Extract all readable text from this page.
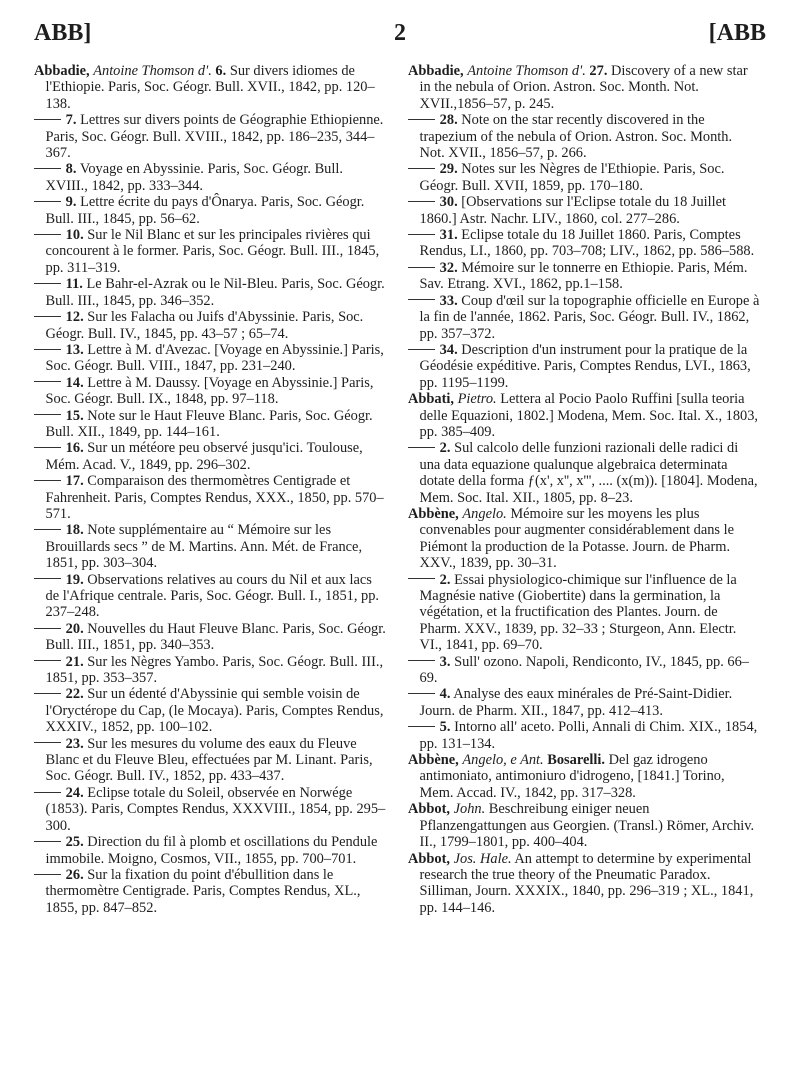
ABB]	2	[ABB

Abbadie, Antoine Thomson d'. 6. Sur divers idiomes de l'Ethiopie. Paris, Soc. Géogr. Bull. XVII., 1842, pp. 120–138.

7. Lettres sur divers points de Géographie Ethiopienne. Paris, Soc. Géogr. Bull. XVIII., 1842, pp. 186–235, 344–367.

8. Voyage en Abyssinie. Paris, Soc. Géogr. Bull. XVIII., 1842, pp. 333–344.

9. Lettre écrite du pays d'Ônarya. Paris, Soc. Géogr. Bull. III., 1845, pp. 56–62.

10. Sur le Nil Blanc et sur les principales rivières qui concourent à le former. Paris, Soc. Géogr. Bull. III., 1845, pp. 311–319.

11. Le Bahr-el-Azrak ou le Nil-Bleu. Paris, Soc. Géogr. Bull. III., 1845, pp. 346–352.

12. Sur les Falacha ou Juifs d'Abyssinie. Paris, Soc. Géogr. Bull. IV., 1845, pp. 43–57 ; 65–74.

13. Lettre à M. d'Avezac. [Voyage en Abyssinie.] Paris, Soc. Géogr. Bull. VIII., 1847, pp. 231–240.

14. Lettre à M. Daussy. [Voyage en Abyssinie.] Paris, Soc. Géogr. Bull. IX., 1848, pp. 97–118.

15. Note sur le Haut Fleuve Blanc. Paris, Soc. Géogr. Bull. XII., 1849, pp. 144–161.

16. Sur un météore peu observé jusqu'ici. Toulouse, Mém. Acad. V., 1849, pp. 296–302.

17. Comparaison des thermomètres Centigrade et Fahrenheit. Paris, Comptes Rendus, XXX., 1850, pp. 570–571.

18. Note supplémentaire au “ Mémoire sur les Brouillards secs ” de M. Martins. Ann. Mét. de France, 1851, pp. 303–304.

19. Observations relatives au cours du Nil et aux lacs de l'Afrique centrale. Paris, Soc. Géogr. Bull. I., 1851, pp. 237–248.

20. Nouvelles du Haut Fleuve Blanc. Paris, Soc. Géogr. Bull. III., 1851, pp. 340–353.

21. Sur les Nègres Yambo. Paris, Soc. Géogr. Bull. III., 1851, pp. 353–357.

22. Sur un édenté d'Abyssinie qui semble voisin de l'Oryctérope du Cap, (le Mocaya). Paris, Comptes Rendus, XXXIV., 1852, pp. 100–102.

23. Sur les mesures du volume des eaux du Fleuve Blanc et du Fleuve Bleu, effectuées par M. Linant. Paris, Soc. Géogr. Bull. IV., 1852, pp. 433–437.

24. Eclipse totale du Soleil, observée en Norwége (1853). Paris, Comptes Rendus, XXXVIII., 1854, pp. 295–300.

25. Direction du fil à plomb et oscillations du Pendule immobile. Moigno, Cosmos, VII., 1855, pp. 700–701.

26. Sur la fixation du point d'ébullition dans le thermomètre Centigrade. Paris, Comptes Rendus, XL., 1855, pp. 847–852.

Abbadie, Antoine Thomson d'. 27. Discovery of a new star in the nebula of Orion. Astron. Soc. Month. Not. XVII.,1856–57, p. 245.

28. Note on the star recently discovered in the trapezium of the nebula of Orion. Astron. Soc. Month. Not. XVII., 1856–57, p. 266.

29. Notes sur les Nègres de l'Ethiopie. Paris, Soc. Géogr. Bull. XVII, 1859, pp. 170–180.

30. [Observations sur l'Eclipse totale du 18 Juillet 1860.] Astr. Nachr. LIV., 1860, col. 277–286.

31. Eclipse totale du 18 Juillet 1860. Paris, Comptes Rendus, LI., 1860, pp. 703–708; LIV., 1862, pp. 586–588.

32. Mémoire sur le tonnerre en Ethiopie. Paris, Mém. Sav. Etrang. XVI., 1862, pp.1–158.

33. Coup d'œil sur la topographie officielle en Europe à la fin de l'année, 1862. Paris, Soc. Géogr. Bull. IV., 1862, pp. 357–372.

34. Description d'un instrument pour la pratique de la Géodésie expéditive. Paris, Comptes Rendus, LVI., 1863, pp. 1195–1199.

Abbati, Pietro. Lettera al Pocio Paolo Ruffini [sulla teoria delle Equazioni, 1802.] Modena, Mem. Soc. Ital. X., 1803, pp. 385–409.

2. Sul calcolo delle funzioni razionali delle radici di una data equazione qualunque algebraica determinata dotate della forma ƒ(x', x'', x''', .... (x(m)). [1804]. Modena, Mem. Soc. Ital. XII., 1805, pp. 8–23.

Abbène, Angelo. Mémoire sur les moyens les plus convenables pour augmenter considérablement dans le Piémont la production de la Potasse. Journ. de Pharm. XXV., 1839, pp. 30–31.

2. Essai physiologico-chimique sur l'influence de la Magnésie native (Giobertite) dans la germination, la végétation, et la fructification des Plantes. Journ. de Pharm. XXV., 1839, pp. 32–33 ; Sturgeon, Ann. Electr. VI., 1841, pp. 69–70.

3. Sull' ozono. Napoli, Rendiconto, IV., 1845, pp. 66–69.

4. Analyse des eaux minérales de Pré-Saint-Didier. Journ. de Pharm. XII., 1847, pp. 412–413.

5. Intorno all' aceto. Polli, Annali di Chim. XIX., 1854, pp. 131–134.

Abbène, Angelo, e Ant. Bosarelli. Del gaz idrogeno antimoniato, antimoniuro d'idrogeno, [1841.] Torino, Mem. Accad. IV., 1842, pp. 317–328.

Abbot, John. Beschreibung einiger neuen Pflanzengattungen aus Georgien. (Transl.) Römer, Archiv. II., 1799–1801, pp. 400–404.

Abbot, Jos. Hale. An attempt to determine by experimental research the true theory of the Pneumatic Paradox. Silliman, Journ. XXXIX., 1840, pp. 296–319 ; XL., 1841, pp. 144–146.
